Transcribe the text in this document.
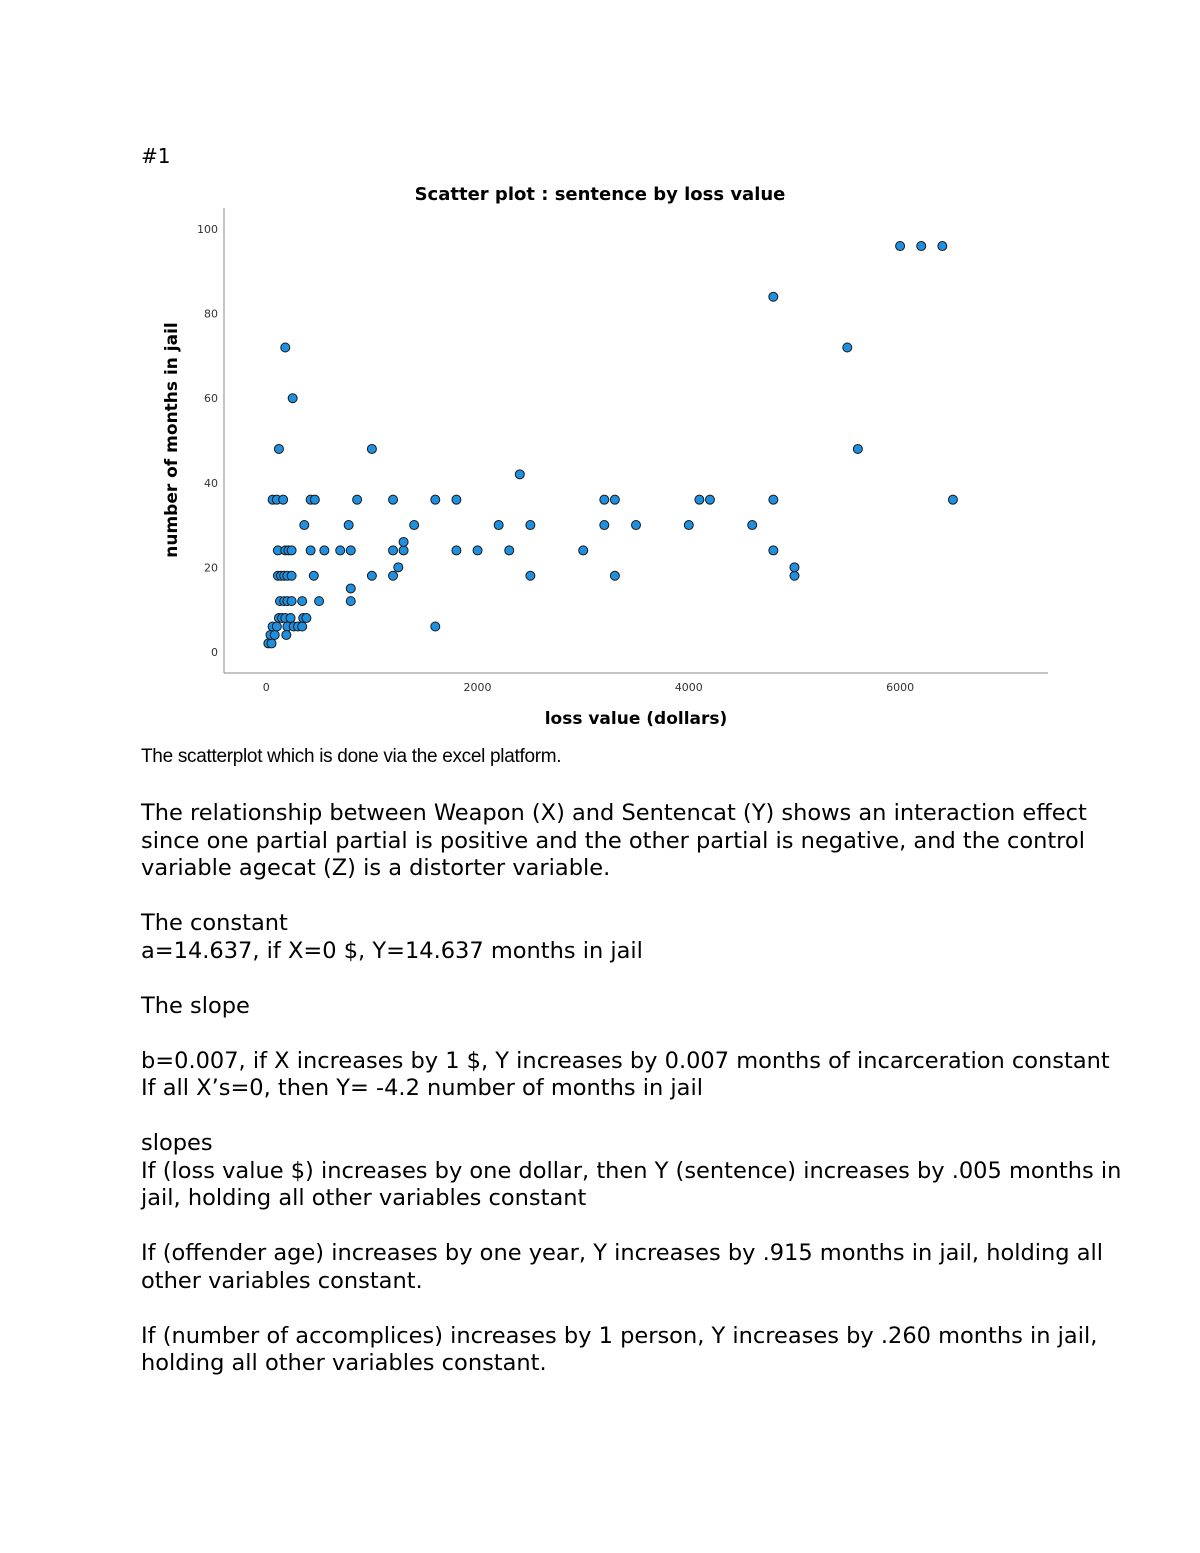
#1
Scatter plot : sentence by loss value
0	2000	4000	6000
0
20
40
60
80
100
loss value (dollars)
number of months in jail
The scatterplot which is done via the excel platform.

The relationship between Weapon (X) and Sentencat (Y) shows an interaction effect since one partial partial is positive and the other partial is negative, and the control variable agecat (Z) is a distorter variable.

The constant

a=14.637, if X=0 $, Y=14.637 months in jail

The slope

b=0.007, if X increases by 1 $, Y increases by 0.007 months of incarceration constant

If all X’s=0, then Y= -4.2 number of months in jail

slopes

If (loss value $) increases by one dollar, then Y (sentence) increases by .005 months in jail, holding all other variables constant

If (offender age) increases by one year, Y increases by .915 months in jail, holding all other variables constant.

If (number of accomplices) increases by 1 person, Y increases by .260 months in jail, holding all other variables constant.
